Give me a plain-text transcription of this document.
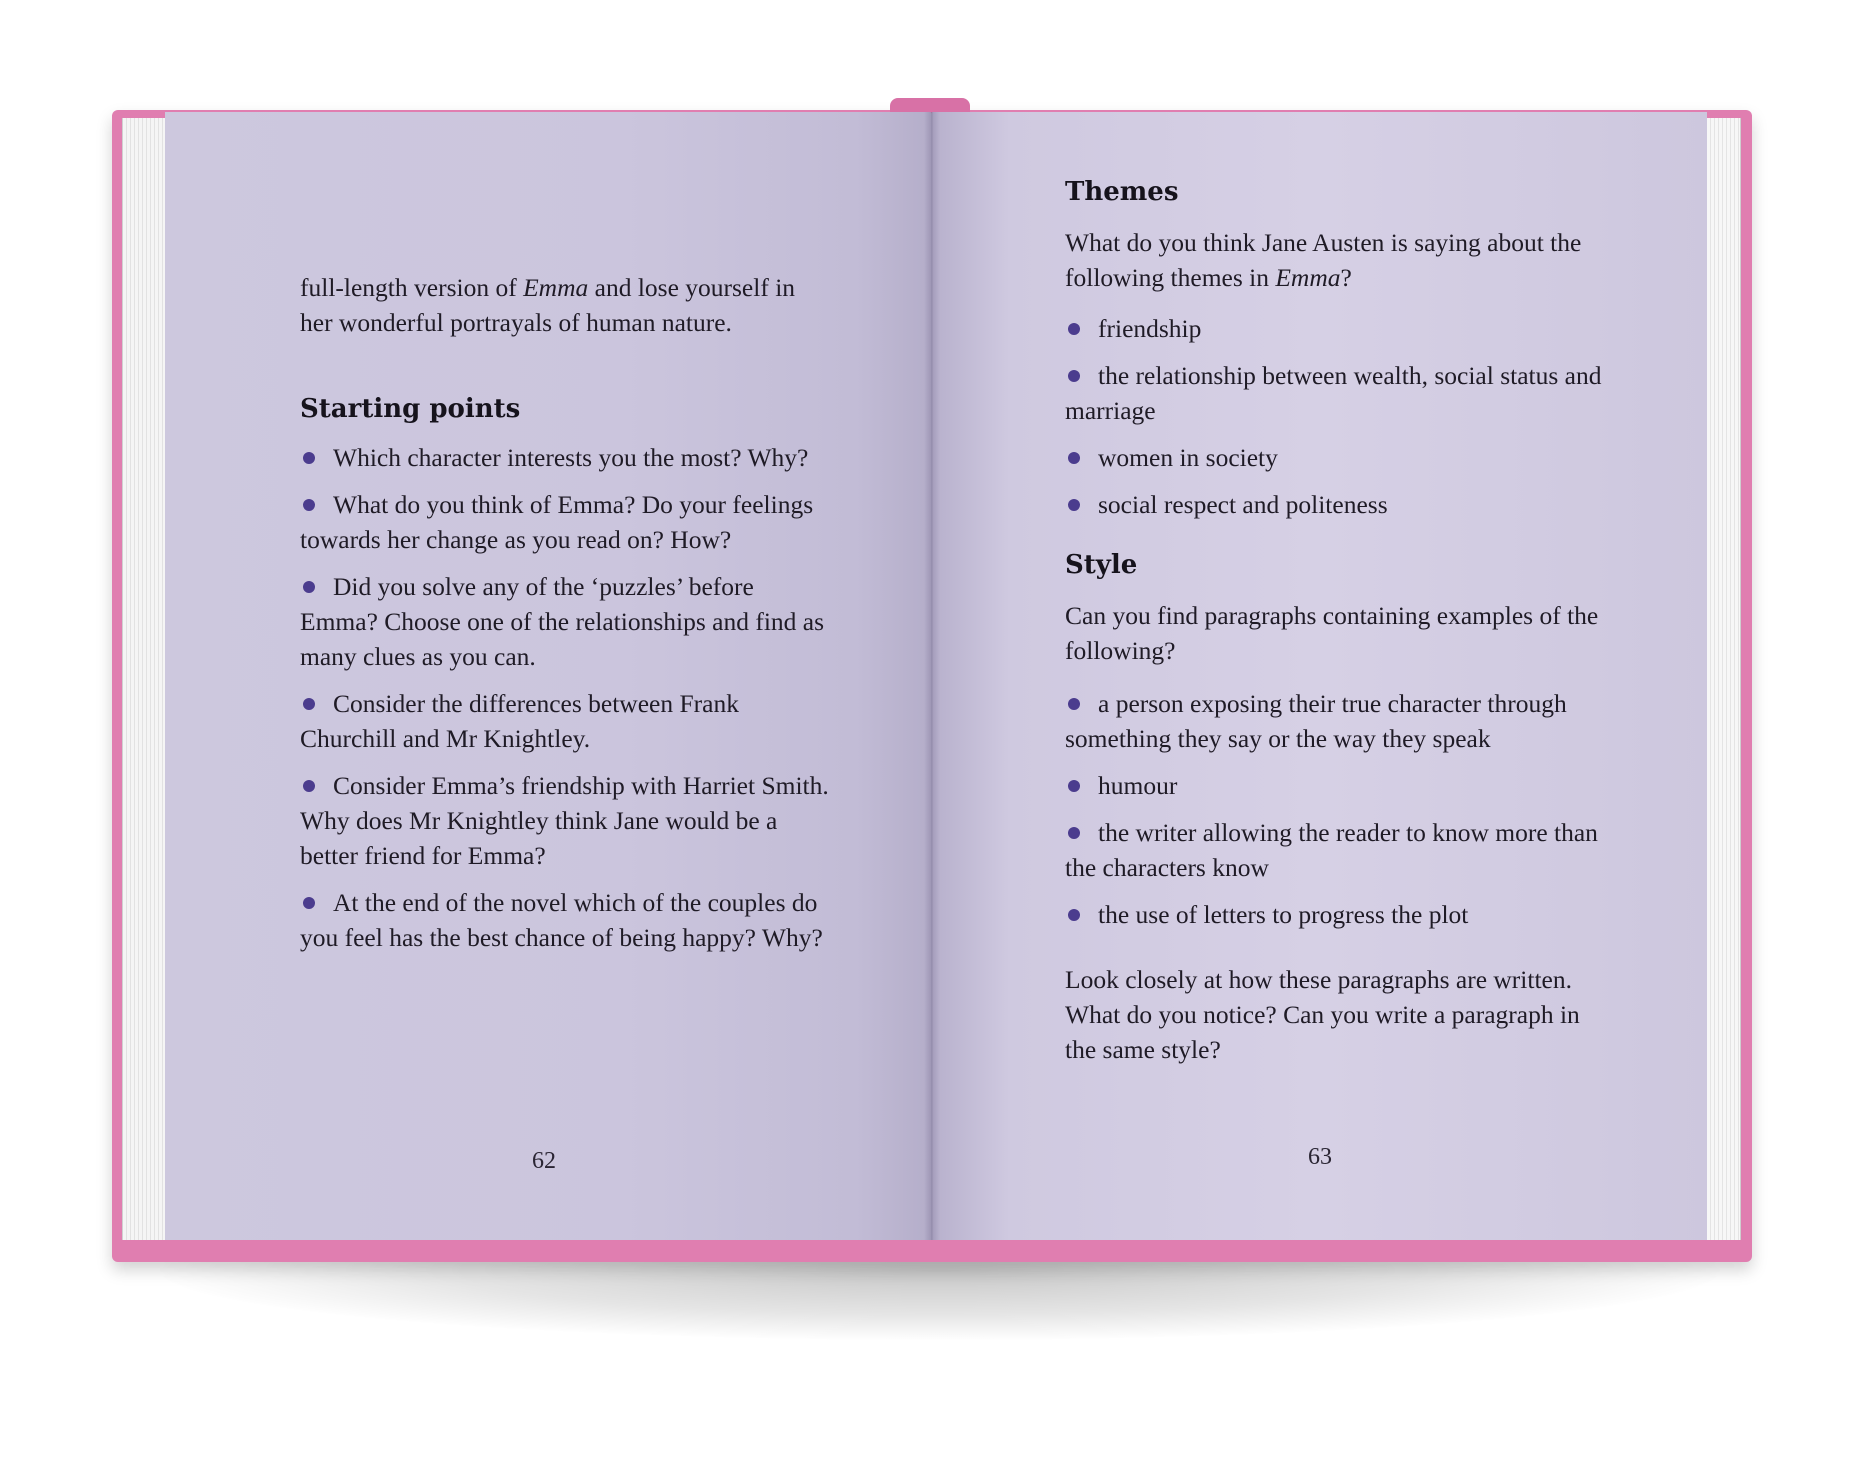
full-length version of Emma and lose yourself in
her wonderful portrayals of human nature.

Starting points
Which character interests you the most? Why?
What do you think of Emma? Do your feelings towards her change as you read on? How?
Did you solve any of the ‘puzzles’ before Emma? Choose one of the relationships and find as many clues as you can.
Consider the differences between Frank Churchill and Mr Knightley.
Consider Emma’s friendship with Harriet Smith. Why does Mr Knightley think Jane would be a better friend for Emma?
At the end of the novel which of the couples do you feel has the best chance of being happy? Why?
62
Themes

What do you think Jane Austen is saying about the following themes in Emma?

friendship
the relationship between wealth, social status and marriage
women in society
social respect and politeness
Style

Can you find paragraphs containing examples of the following?

a person exposing their true character through something they say or the way they speak
humour
the writer allowing the reader to know more than the characters know
the use of letters to progress the plot

Look closely at how these paragraphs are written. What do you notice? Can you write a paragraph in the same style?

63
